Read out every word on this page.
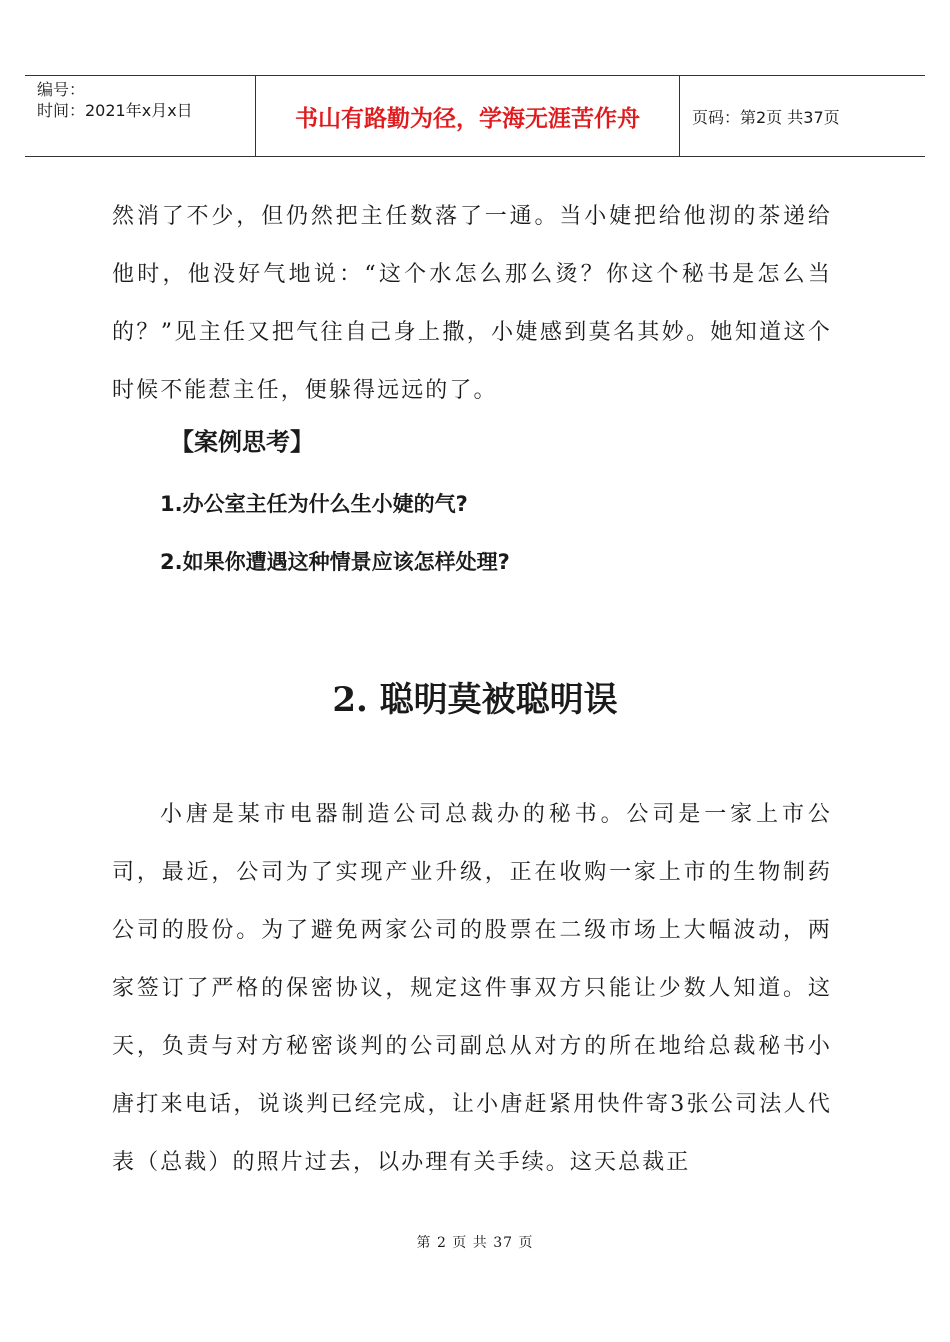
编号：
时间：2021年x月x日	书山有路勤为径，学海无涯苦作舟	页码：第2页 共37页

然消了不少，但仍然把主任数落了一通。当小婕把给他沏的茶递给他时，他没好气地说：“这个水怎么那么烫？你这个秘书是怎么当的？”见主任又把气往自己身上撒，小婕感到莫名其妙。她知道这个时候不能惹主任，便躲得远远的了。

【案例思考】

1.办公室主任为什么生小婕的气?

2.如果你遭遇这种情景应该怎样处理?

2. 聪明莫被聪明误

小唐是某市电器制造公司总裁办的秘书。公司是一家上市公司，最近，公司为了实现产业升级，正在收购一家上市的生物制药公司的股份。为了避免两家公司的股票在二级市场上大幅波动，两家签订了严格的保密协议，规定这件事双方只能让少数人知道。这天，负责与对方秘密谈判的公司副总从对方的所在地给总裁秘书小唐打来电话，说谈判已经完成，让小唐赶紧用快件寄3张公司法人代表（总裁）的照片过去，以办理有关手续。这天总裁正

第 2 页 共 37 页
